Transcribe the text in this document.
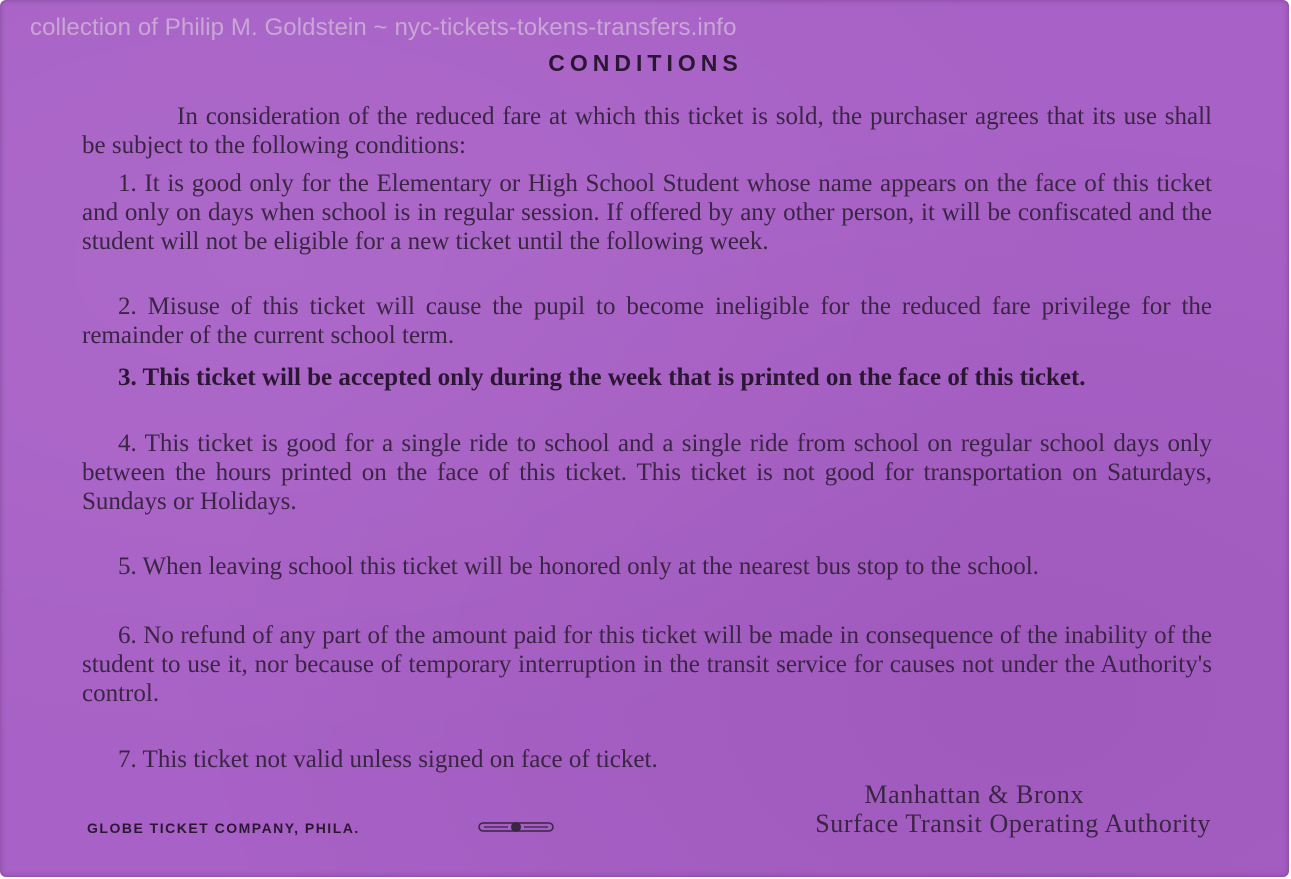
collection of Philip M. Goldstein ~ nyc-tickets-tokens-transfers.info
CONDITIONS

In consideration of the reduced fare at which this ticket is sold, the purchaser agrees that its use shall be subject to the following conditions:

1. It is good only for the Elementary or High School Student whose name appears on the face of this ticket and only on days when school is in regular session. If offered by any other person, it will be confiscated and the student will not be eligible for a new ticket until the following week.

2. Misuse of this ticket will cause the pupil to become ineligible for the reduced fare privilege for the remainder of the current school term.

3. This ticket will be accepted only during the week that is printed on the face of this ticket.

4. This ticket is good for a single ride to school and a single ride from school on regular school days only between the hours printed on the face of this ticket. This ticket is not good for transportation on Saturdays, Sundays or Holidays.

5. When leaving school this ticket will be honored only at the nearest bus stop to the school.

6. No refund of any part of the amount paid for this ticket will be made in consequence of the inability of the student to use it, nor because of temporary interruption in the transit service for causes not under the Authority's control.

7. This ticket not valid unless signed on face of ticket.

GLOBE TICKET COMPANY, PHILA.
Manhattan & Bronx
Surface Transit Operating Authority
